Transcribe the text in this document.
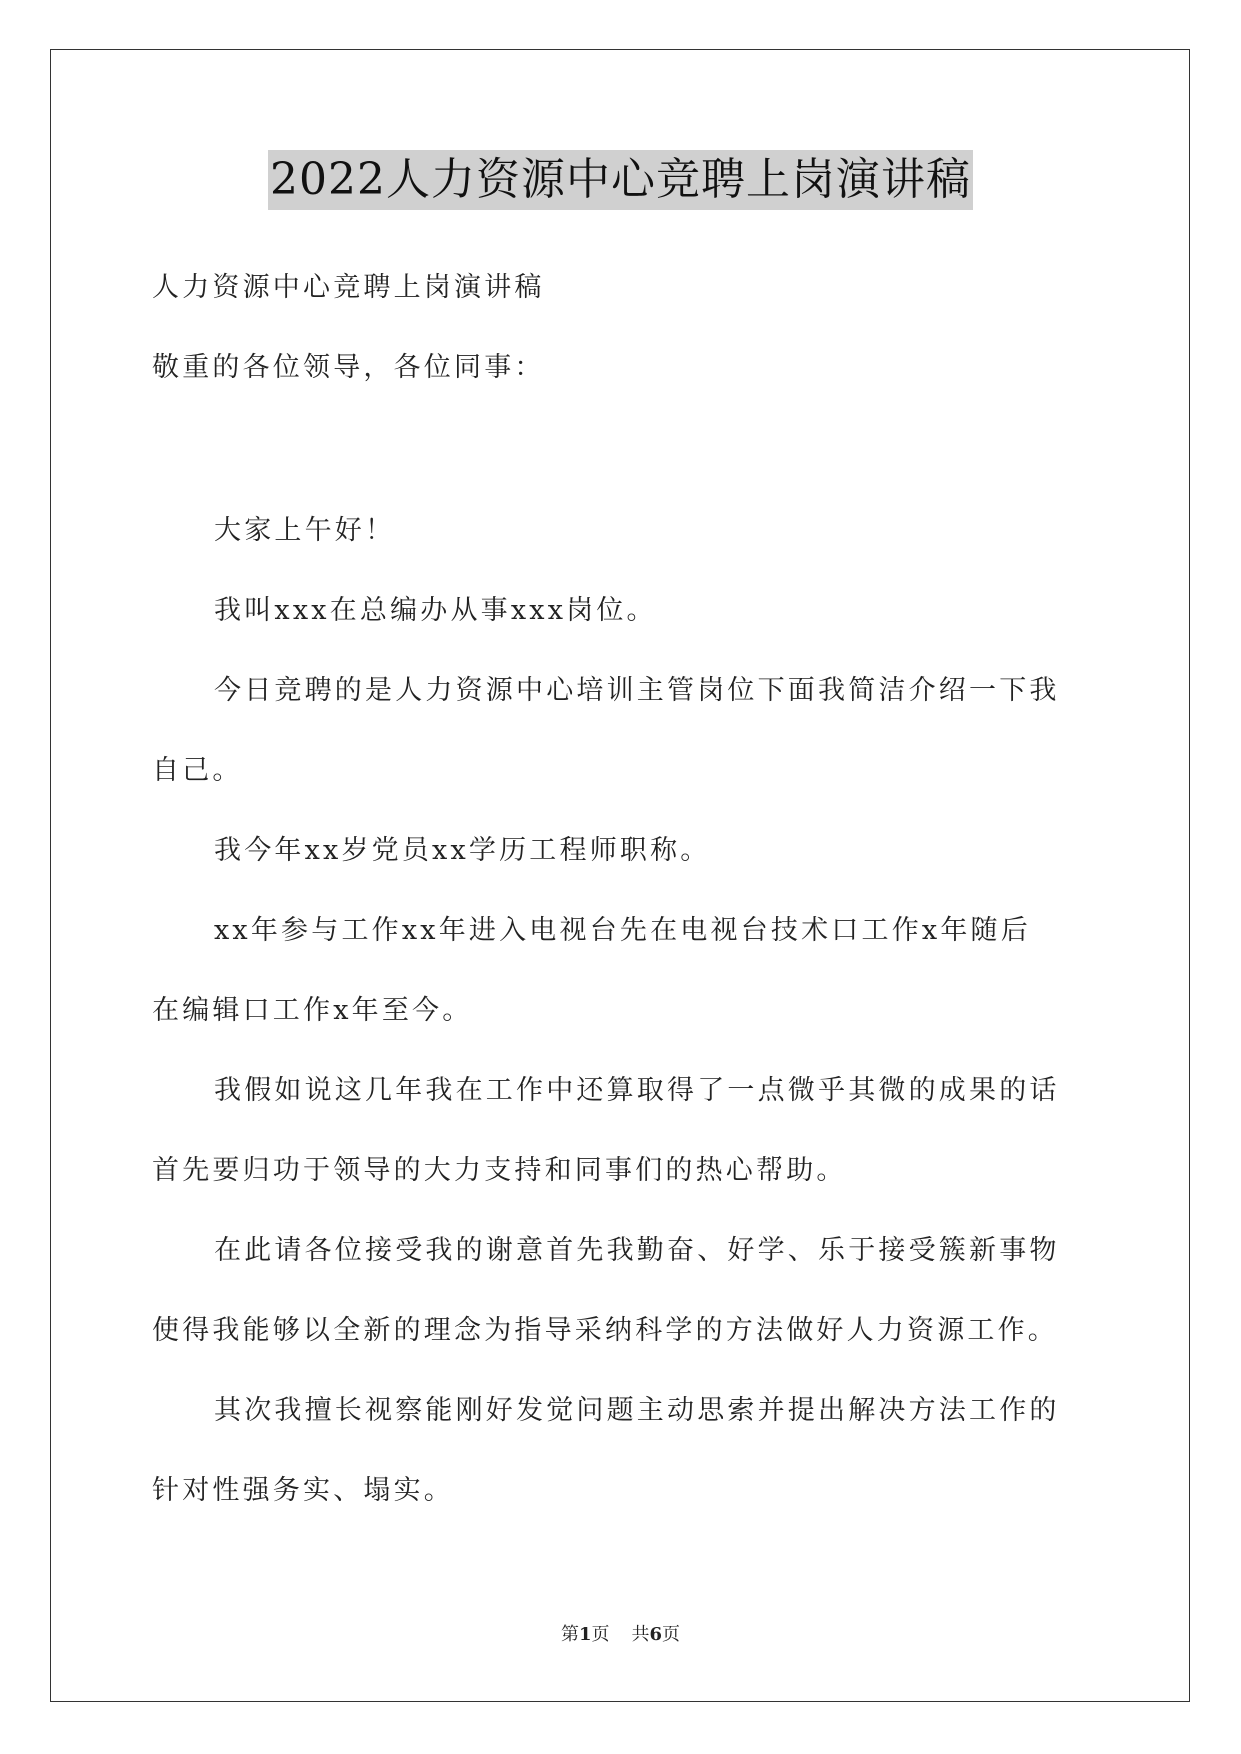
2022人力资源中心竞聘上岗演讲稿
人力资源中心竞聘上岗演讲稿
敬重的各位领导，各位同事：
大家上午好！
我叫xxx在总编办从事xxx岗位。
今日竞聘的是人力资源中心培训主管岗位下面我简洁介绍一下我
自己。
我今年xx岁党员xx学历工程师职称。
xx年参与工作xx年进入电视台先在电视台技术口工作x年随后
在编辑口工作x年至今。
我假如说这几年我在工作中还算取得了一点微乎其微的成果的话
首先要归功于领导的大力支持和同事们的热心帮助。
在此请各位接受我的谢意首先我勤奋、好学、乐于接受簇新事物
使得我能够以全新的理念为指导采纳科学的方法做好人力资源工作。
其次我擅长视察能刚好发觉问题主动思索并提出解决方法工作的
针对性强务实、塌实。
第1页 共6页
